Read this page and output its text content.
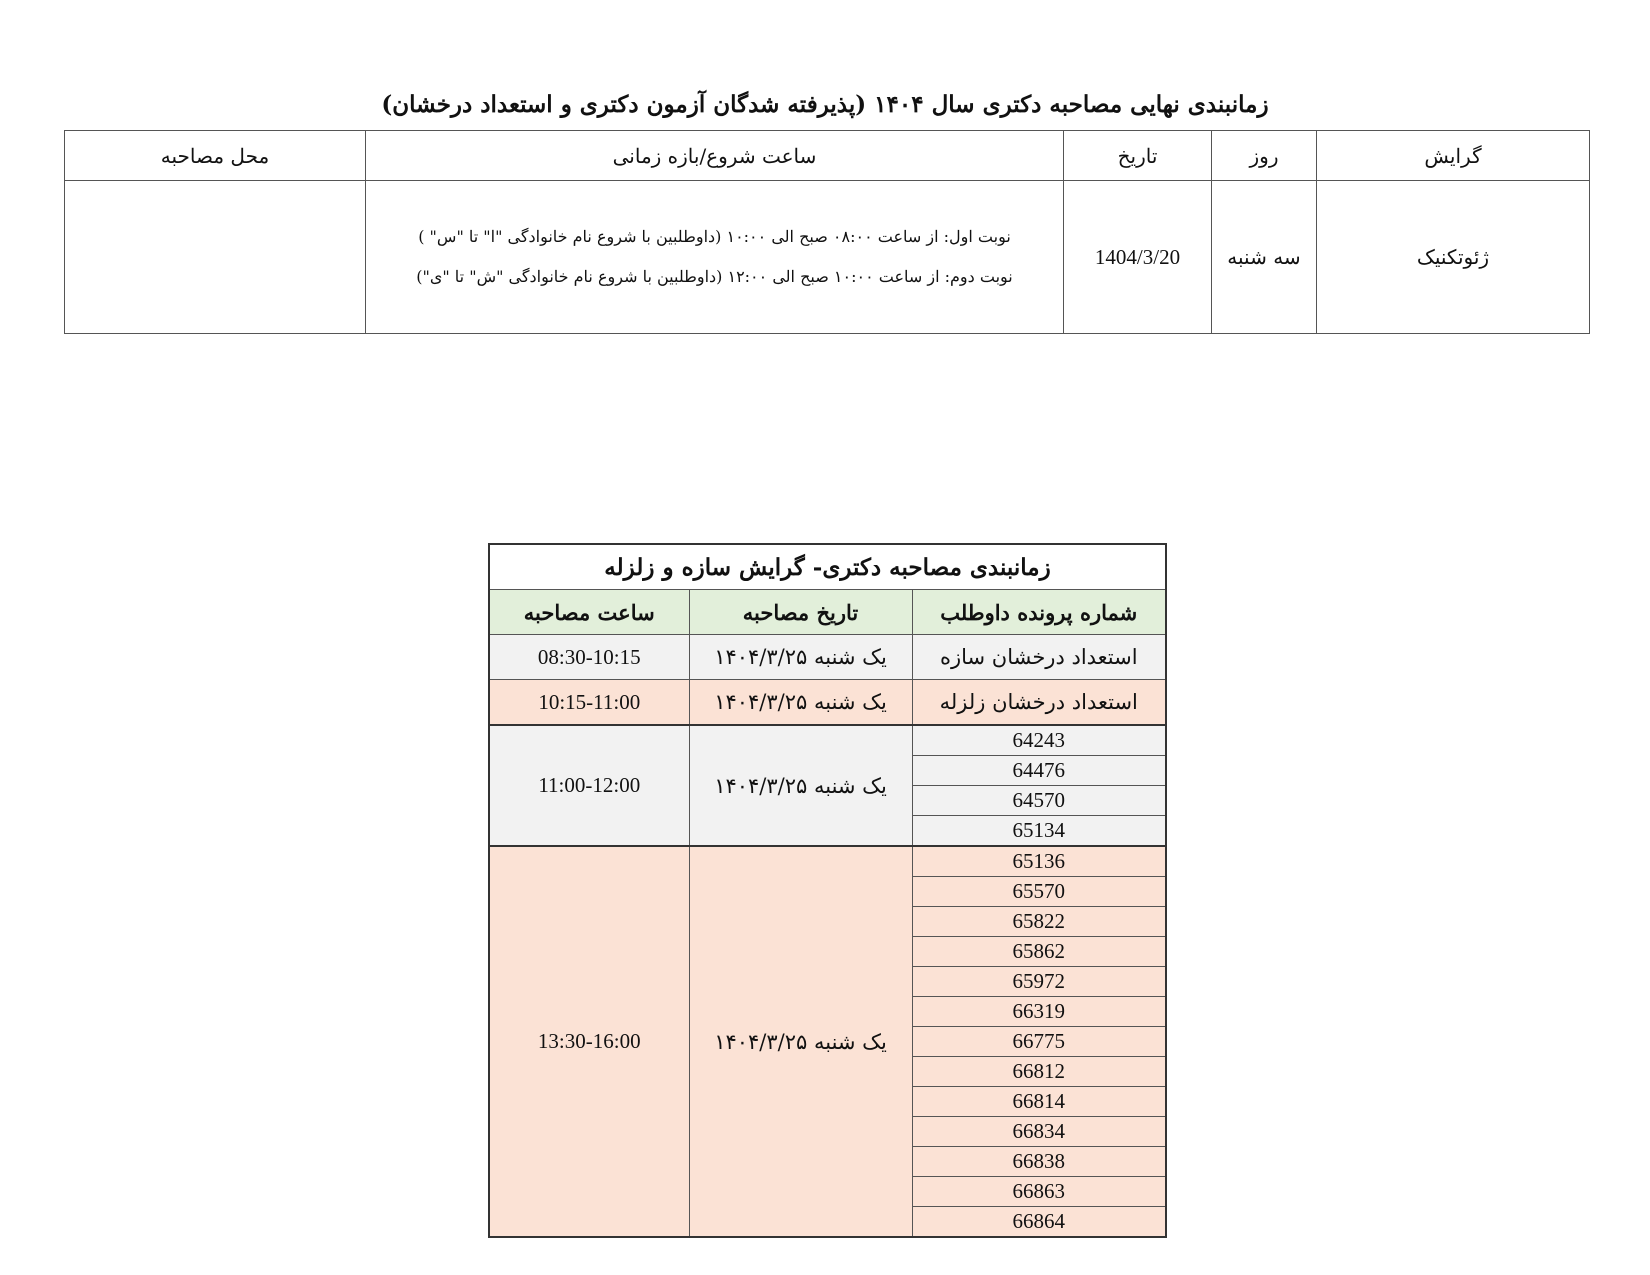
زمانبندی نهایی مصاحبه دکتری سال ۱۴۰۴ (پذیرفته شدگان آزمون دکتری و استعداد درخشان)
گرایش	روز	تاریخ	ساعت شروع/بازه زمانی	محل مصاحبه
ژئوتکنیک	سه شنبه	1404/3/20	نوبت اول: از ساعت ۰۸:۰۰ صبح الی ۱۰:۰۰ (داوطلبین با شروع نام خانوادگی "ا" تا "س" )
نوبت دوم: از ساعت ۱۰:۰۰ صبح الی ۱۲:۰۰ (داوطلبین با شروع نام خانوادگی "ش" تا "ی")	

زمانبندی مصاحبه دکتری- گرایش سازه و زلزله		
شماره پرونده داوطلب	تاریخ مصاحبه	ساعت مصاحبه
استعداد درخشان سازه	یک شنبه ۱۴۰۴/۳/۲۵	08:30-10:15
استعداد درخشان زلزله	یک شنبه ۱۴۰۴/۳/۲۵	10:15-11:00
64243	یک شنبه ۱۴۰۴/۳/۲۵	11:00-12:00
64476		
64570		
65134		
65136	یک شنبه ۱۴۰۴/۳/۲۵	13:30-16:00
65570		
65822		
65862		
65972		
66319		
66775		
66812		
66814		
66834		
66838		
66863		
66864		
